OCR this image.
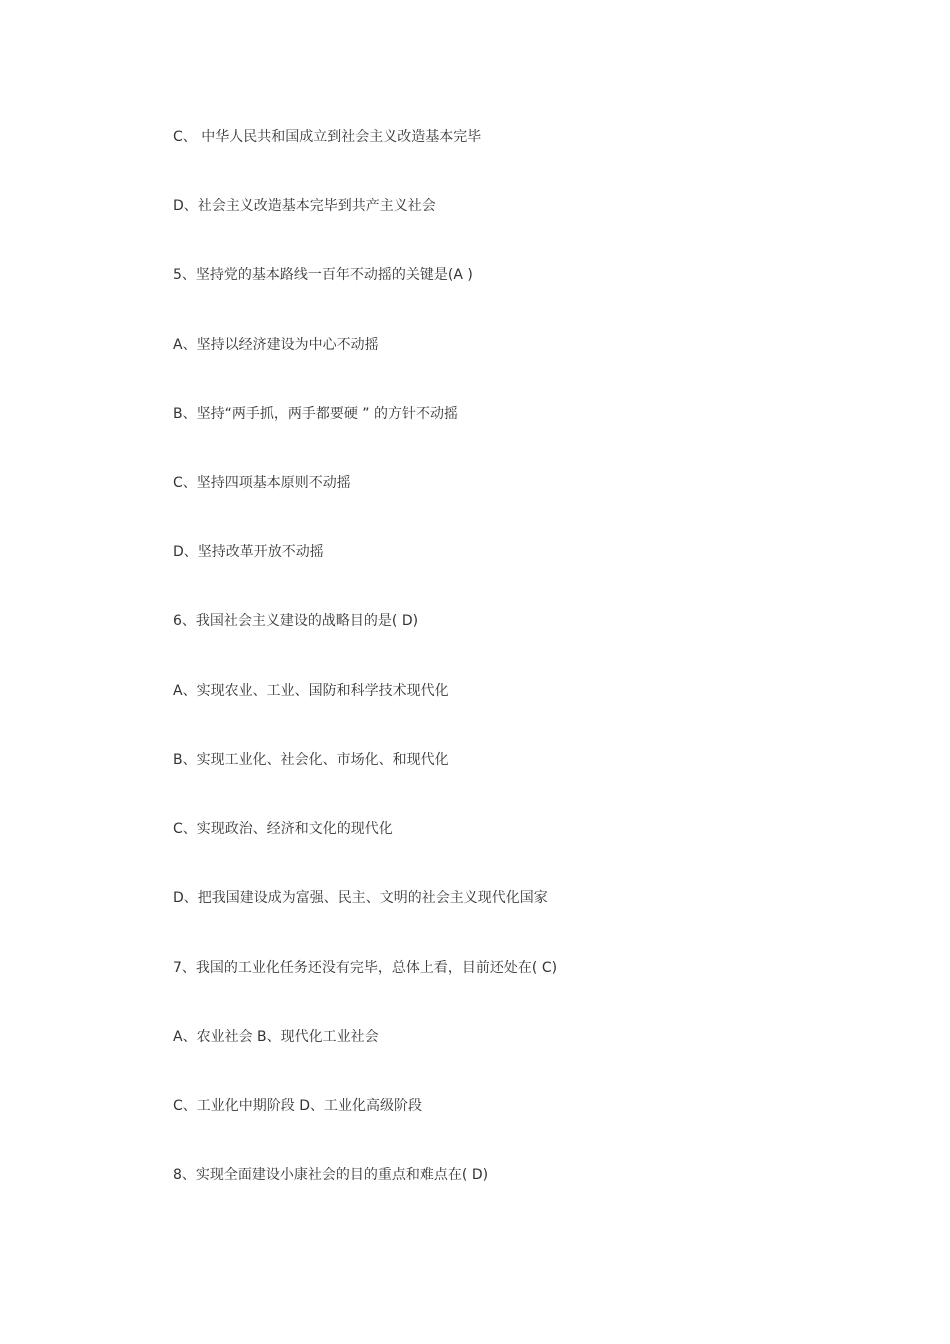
C、 中华人民共和国成立到社会主义改造基本完毕
D、社会主义改造基本完毕到共产主义社会
5、坚持党的基本路线一百年不动摇的关键是(A )
A、坚持以经济建设为中心不动摇
B、坚持“两手抓，两手都要硬 ” 的方针不动摇
C、坚持四项基本原则不动摇
D、坚持改革开放不动摇
6、我国社会主义建设的战略目的是( D)
A、实现农业、工业、国防和科学技术现代化
B、实现工业化、社会化、市场化、和现代化
C、实现政治、经济和文化的现代化
D、把我国建设成为富强、民主、文明的社会主义现代化国家
7、我国的工业化任务还没有完毕，总体上看，目前还处在( C)
A、农业社会 B、现代化工业社会
C、工业化中期阶段 D、工业化高级阶段
8、实现全面建设小康社会的目的重点和难点在( D)
